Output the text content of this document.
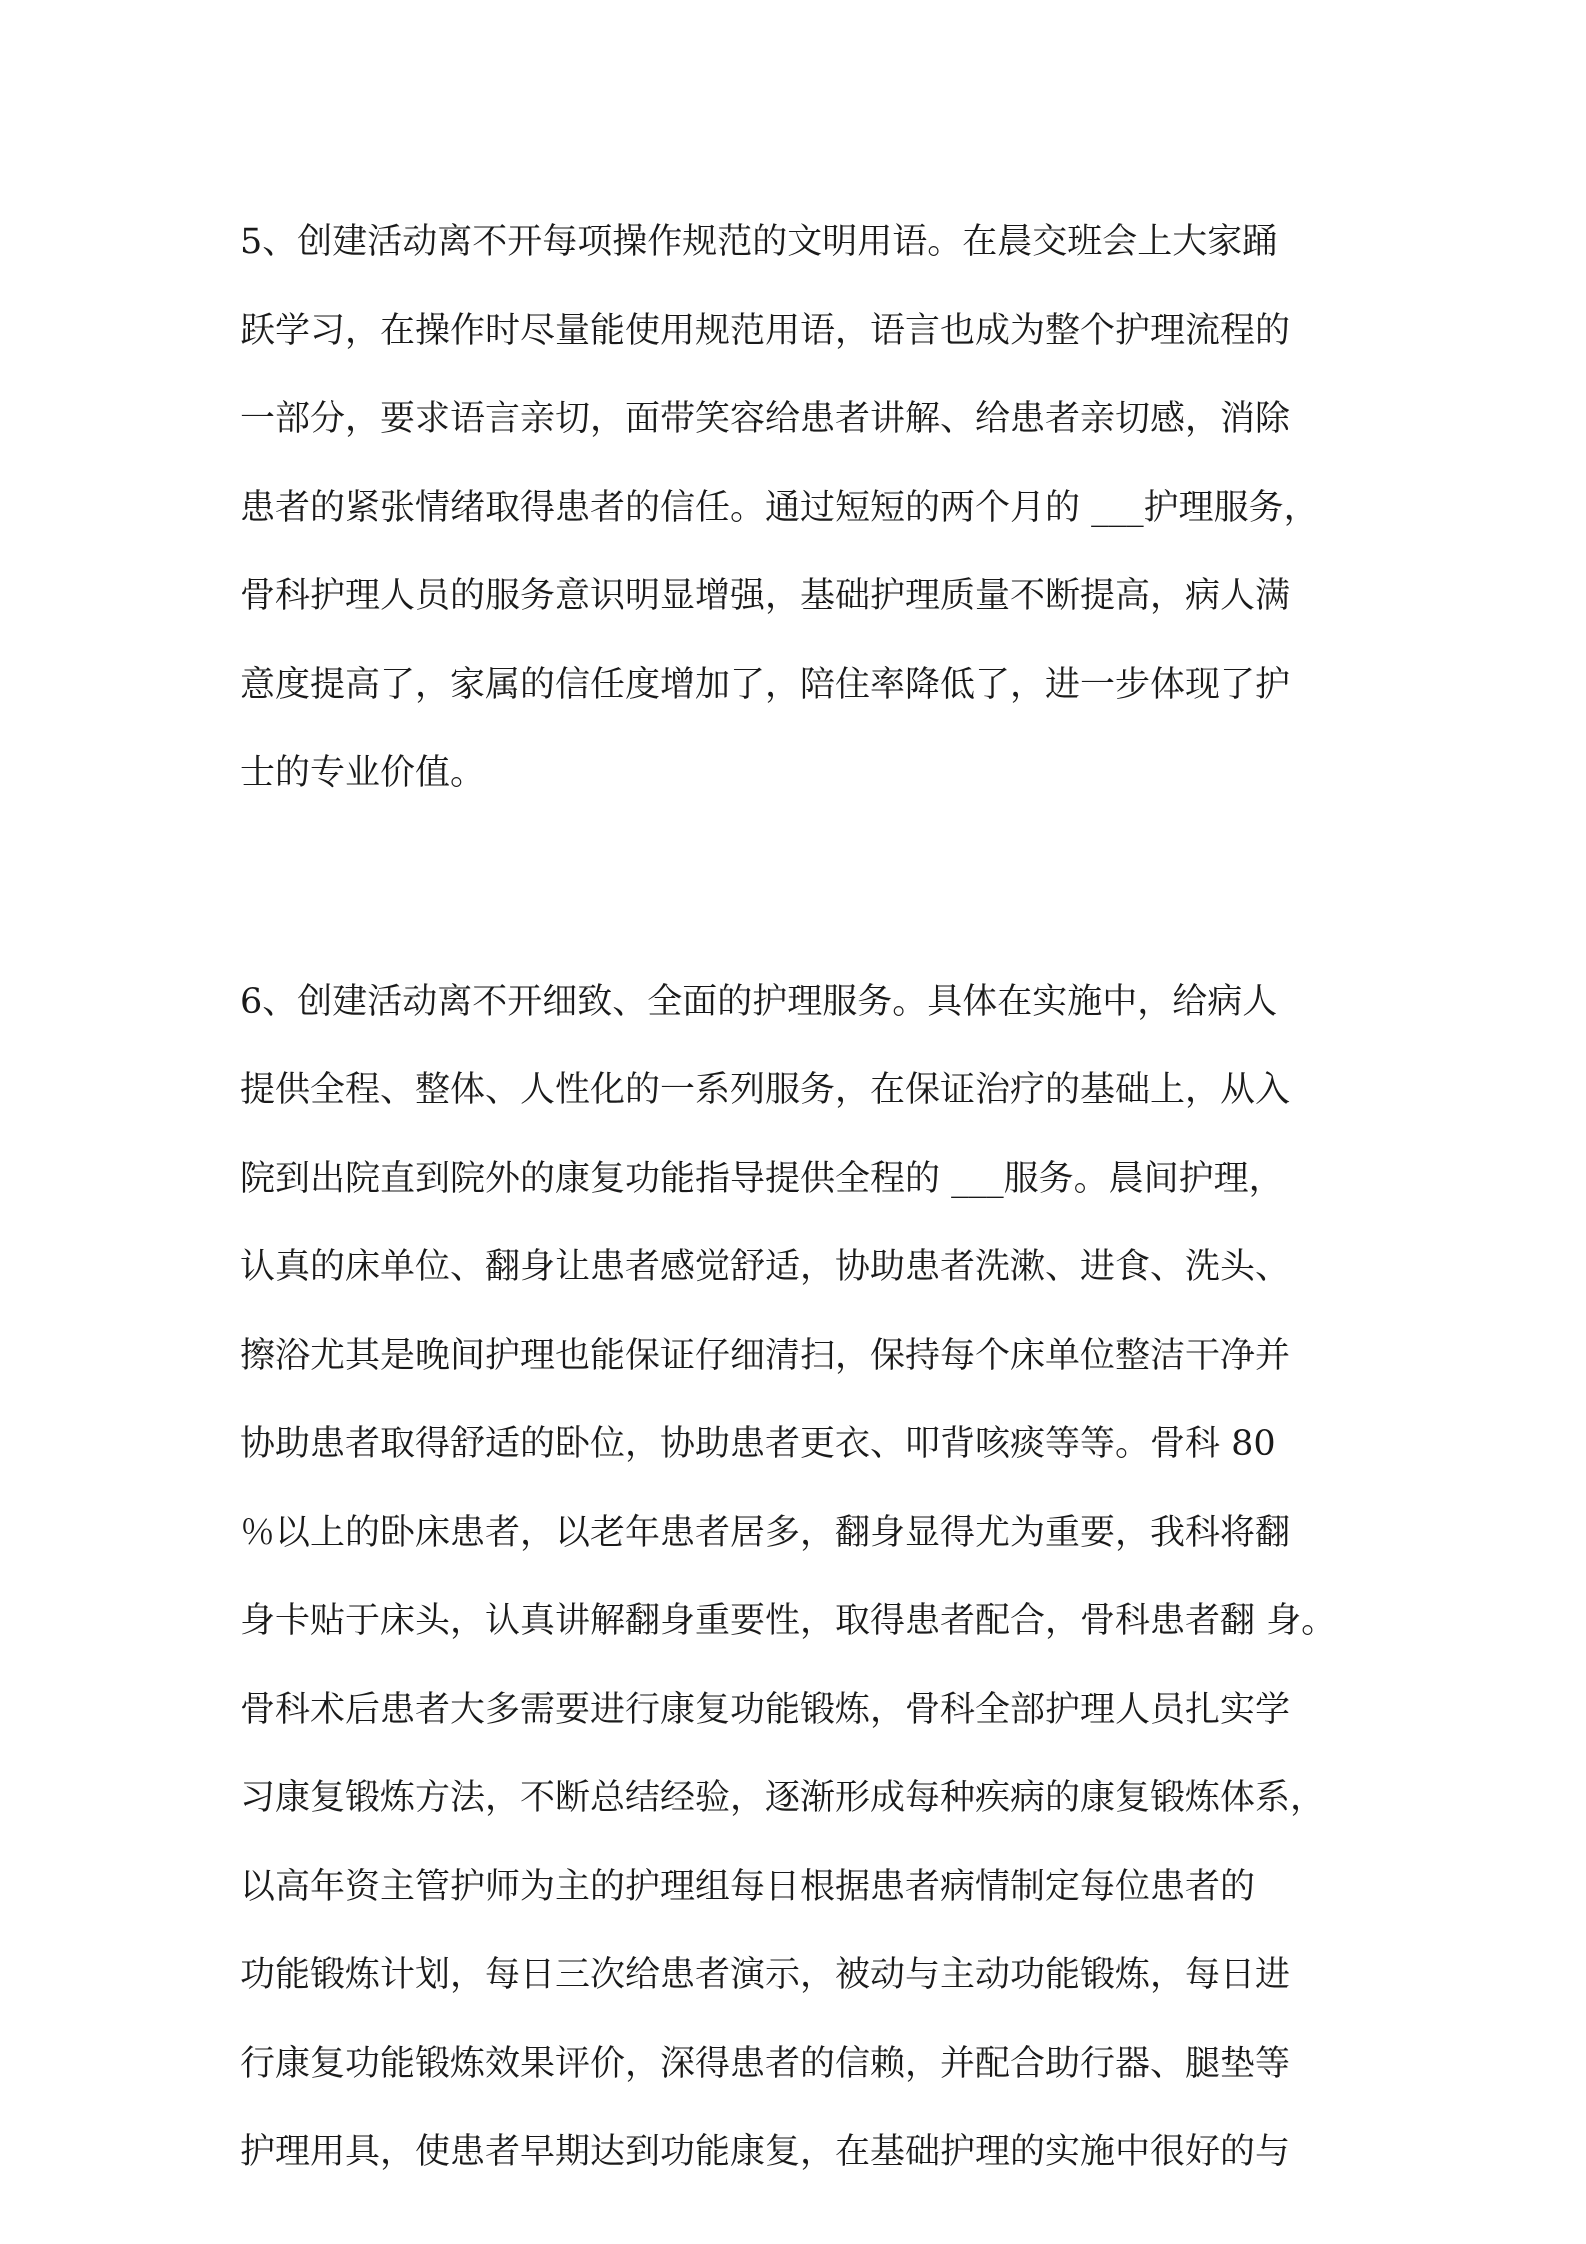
5、创建活动离不开每项操作规范的文明用语。在晨交班会上大家踊
跃学习，在操作时尽量能使用规范用语，语言也成为整个护理流程的
一部分，要求语言亲切，面带笑容给患者讲解、给患者亲切感，消除
患者的紧张情绪取得患者的信任。通过短短的两个月的 ___护理服务，
骨科护理人员的服务意识明显增强，基础护理质量不断提高，病人满
意度提高了，家属的信任度增加了，陪住率降低了，进一步体现了护
士的专业价值。
6、创建活动离不开细致、全面的护理服务。具体在实施中，给病人
提供全程、整体、人性化的一系列服务，在保证治疗的基础上，从入
院到出院直到院外的康复功能指导提供全程的 ___服务。晨间护理，
认真的床单位、翻身让患者感觉舒适，协助患者洗漱、进食、洗头、
擦浴尤其是晚间护理也能保证仔细清扫，保持每个床单位整洁干净并
协助患者取得舒适的卧位，协助患者更衣、叩背咳痰等等。骨科 80
％以上的卧床患者，以老年患者居多，翻身显得尤为重要，我科将翻
身卡贴于床头，认真讲解翻身重要性，取得患者配合，骨科患者翻 身。
骨科术后患者大多需要进行康复功能锻炼，骨科全部护理人员扎实学
习康复锻炼方法，不断总结经验，逐渐形成每种疾病的康复锻炼体系，
以高年资主管护师为主的护理组每日根据患者病情制定每位患者的
功能锻炼计划，每日三次给患者演示，被动与主动功能锻炼，每日进
行康复功能锻炼效果评价，深得患者的信赖，并配合助行器、腿垫等
护理用具，使患者早期达到功能康复，在基础护理的实施中很好的与
